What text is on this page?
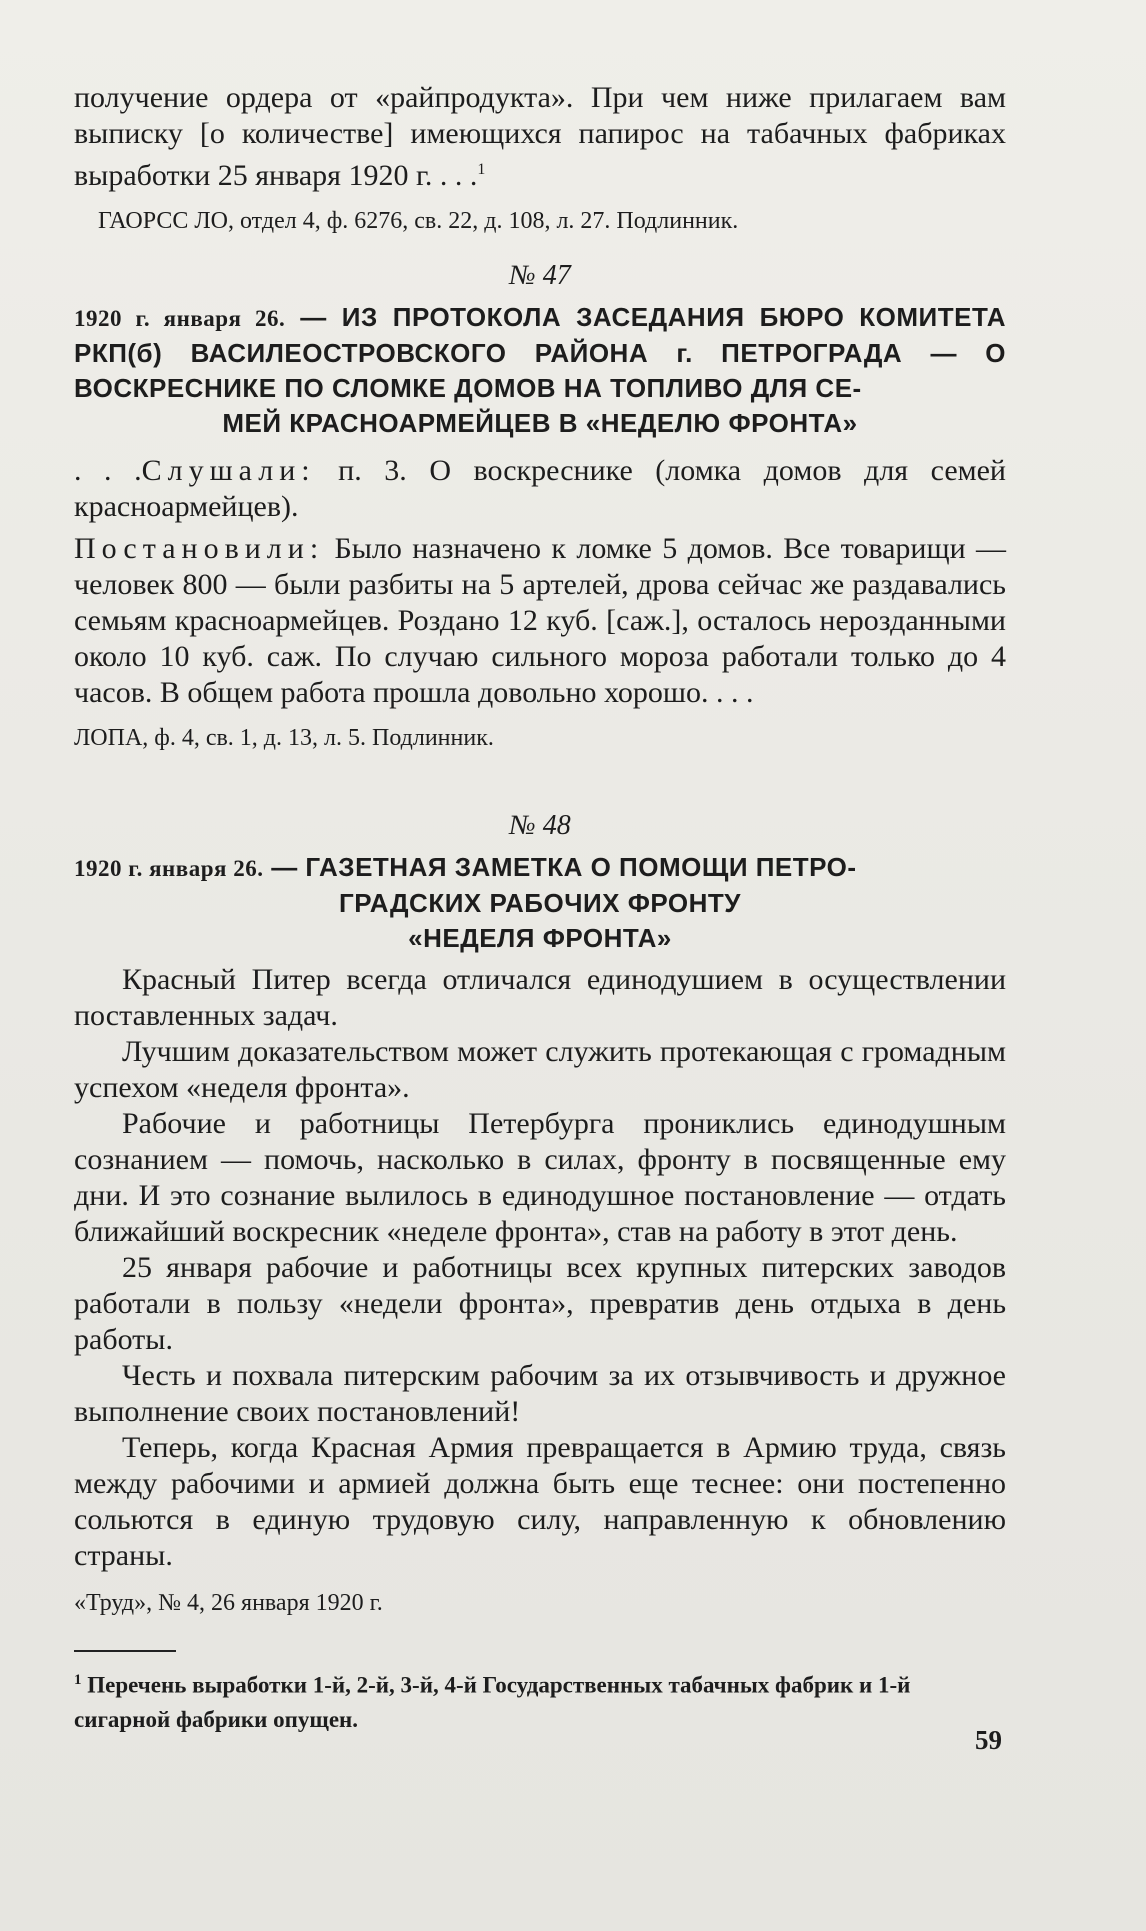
получение ордера от «райпродукта». При чем ниже прилагаем вам выписку [о количестве] имеющихся папирос на табачных фабриках выработки 25 января 1920 г. . . .$^1$

ГАОРСС ЛО, отдел 4, ф. 6276, св. 22, д. 108, л. 27. Подлинник.

№ 47

1920 г. января 26. — ИЗ ПРОТОКОЛА ЗАСЕДАНИЯ БЮРО КОМИТЕТА РКП(б) ВАСИЛЕОСТРОВСКОГО РАЙОНА г. ПЕТРОГРАДА — О ВОСКРЕСНИКЕ ПО СЛОМКЕ ДОМОВ НА ТОПЛИВО ДЛЯ СЕ-

МЕЙ КРАСНОАРМЕЙЦЕВ В «НЕДЕЛЮ ФРОНТА»

. . .Слушали: п. 3. О воскреснике (ломка домов для семей красноармейцев).

Постановили: Было назначено к ломке 5 домов. Все товарищи — человек 800 — были разбиты на 5 артелей, дрова сейчас же раздавались семьям красноармейцев. Роздано 12 куб. [саж.], осталось нерозданными около 10 куб. саж. По случаю сильного мороза работали только до 4 часов. В общем работа прошла довольно хорошо. . . .

ЛОПА, ф. 4, св. 1, д. 13, л. 5. Подлинник.

№ 48

1920 г. января 26. — ГАЗЕТНАЯ ЗАМЕТКА О ПОМОЩИ ПЕТРО-

ГРАДСКИХ РАБОЧИХ ФРОНТУ

«НЕДЕЛЯ ФРОНТА»

Красный Питер всегда отличался единодушием в осуществлении поставленных задач.

Лучшим доказательством может служить протекающая с громадным успехом «неделя фронта».

Рабочие и работницы Петербурга прониклись единодушным сознанием — помочь, насколько в силах, фронту в посвященные ему дни. И это сознание вылилось в единодушное постановление — отдать ближайший воскресник «неделе фронта», став на работу в этот день.

25 января рабочие и работницы всех крупных питерских заводов работали в пользу «недели фронта», превратив день отдыха в день работы.

Честь и похвала питерским рабочим за их отзывчивость и дружное выполнение своих постановлений!

Теперь, когда Красная Армия превращается в Армию труда, связь между рабочими и армией должна быть еще теснее: они постепенно сольются в единую трудовую силу, направленную к обновлению страны.

«Труд», № 4, 26 января 1920 г.

$^1$ Перечень выработки 1-й, 2-й, 3-й, 4-й Государственных табачных фабрик и 1-й сигарной фабрики опущен.

59
